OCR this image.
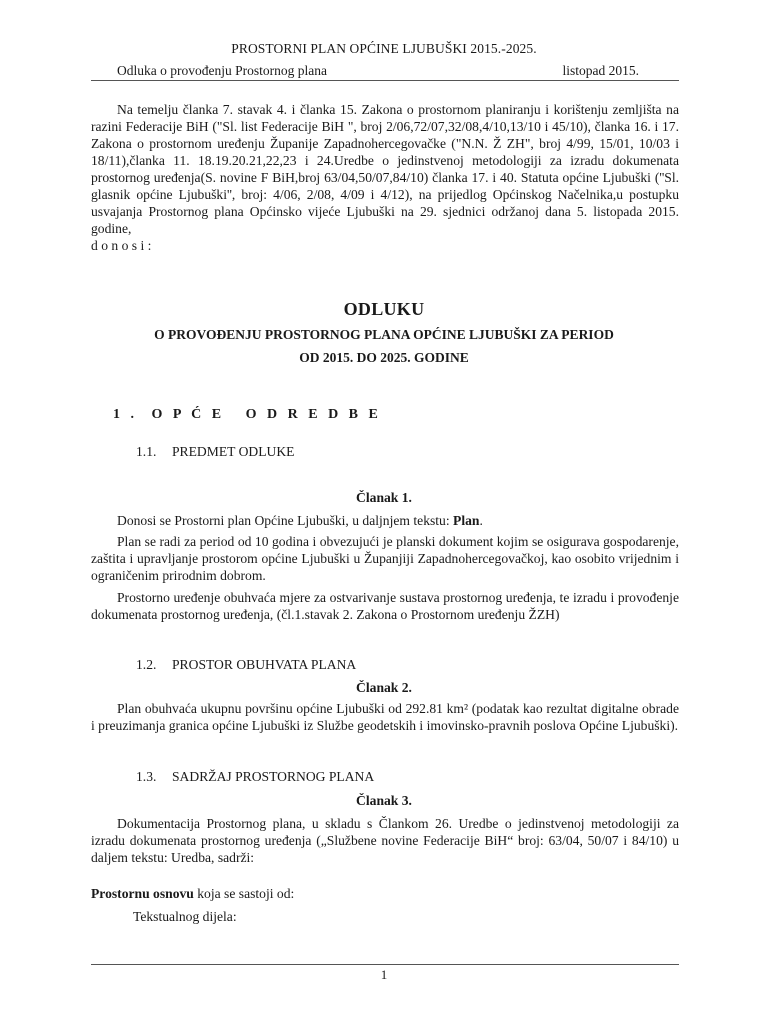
PROSTORNI PLAN OPĆINE LJUBUŠKI 2015.-2025.
Odluka o provođenju Prostornog plana	listopad 2015.
Na temelju članka 7. stavak 4. i članka 15. Zakona o prostornom planiranju i korištenju zemljišta na razini Federacije BiH ("Sl. list Federacije BiH ", broj 2/06,72/07,32/08,4/10,13/10 i 45/10), članka 16. i 17. Zakona o prostornom uređenju Županije Zapadnohercegovačke ("N.N. Ž ZH", broj 4/99, 15/01, 10/03 i 18/11),članka 11. 18.19.20.21,22,23 i 24.Uredbe o jedinstvenoj metodologiji za izradu dokumenata prostornog uređenja(S. novine F BiH,broj 63/04,50/07,84/10) članka 17. i 40. Statuta općine Ljubuški (''Sl. glasnik općine Ljubuški'', broj: 4/06, 2/08, 4/09 i 4/12), na prijedlog Općinskog Načelnika,u postupku usvajanja Prostornog plana Općinsko vijeće Ljubuški na 29. sjednici održanoj dana 5. listopada 2015. godine,
d o n o s i :
ODLUKU
O PROVOĐENJU PROSTORNOG PLANA OPĆINE LJUBUŠKI ZA PERIOD
OD 2015. DO 2025. GODINE
1 .  O P Ć E   O D R E D B E
1.1. PREDMET ODLUKE
Članak 1.
Donosi se Prostorni plan Općine Ljubuški, u daljnjem tekstu: Plan.
Plan se radi za period od 10 godina i obvezujući je planski dokument kojim se osigurava gospodarenje, zaštita i upravljanje prostorom općine Ljubuški u Županjiji Zapadnohercegovačkoj, kao osobito vrijednim i ograničenim prirodnim dobrom.
Prostorno uređenje obuhvaća mjere za ostvarivanje sustava prostornog uređenja, te izradu i provođenje dokumenata prostornog uređenja, (čl.1.stavak 2. Zakona o Prostornom uređenju ŽZH)
1.2. PROSTOR OBUHVATA PLANA
Članak 2.
Plan obuhvaća ukupnu površinu općine Ljubuški od 292.81 km² (podatak kao rezultat digitalne obrade i preuzimanja granica općine Ljubuški iz Službe geodetskih i imovinsko-pravnih poslova Općine Ljubuški).
1.3. SADRŽAJ PROSTORNOG PLANA
Članak 3.
Dokumentacija Prostornog plana, u skladu s Člankom 26. Uredbe o jedinstvenoj metodologiji za izradu dokumenata prostornog uređenja („Službene novine Federacije BiH“ broj: 63/04, 50/07 i 84/10) u daljem tekstu: Uredba, sadrži:
Prostornu osnovu koja se sastoji od:
Tekstualnog dijela:
1
